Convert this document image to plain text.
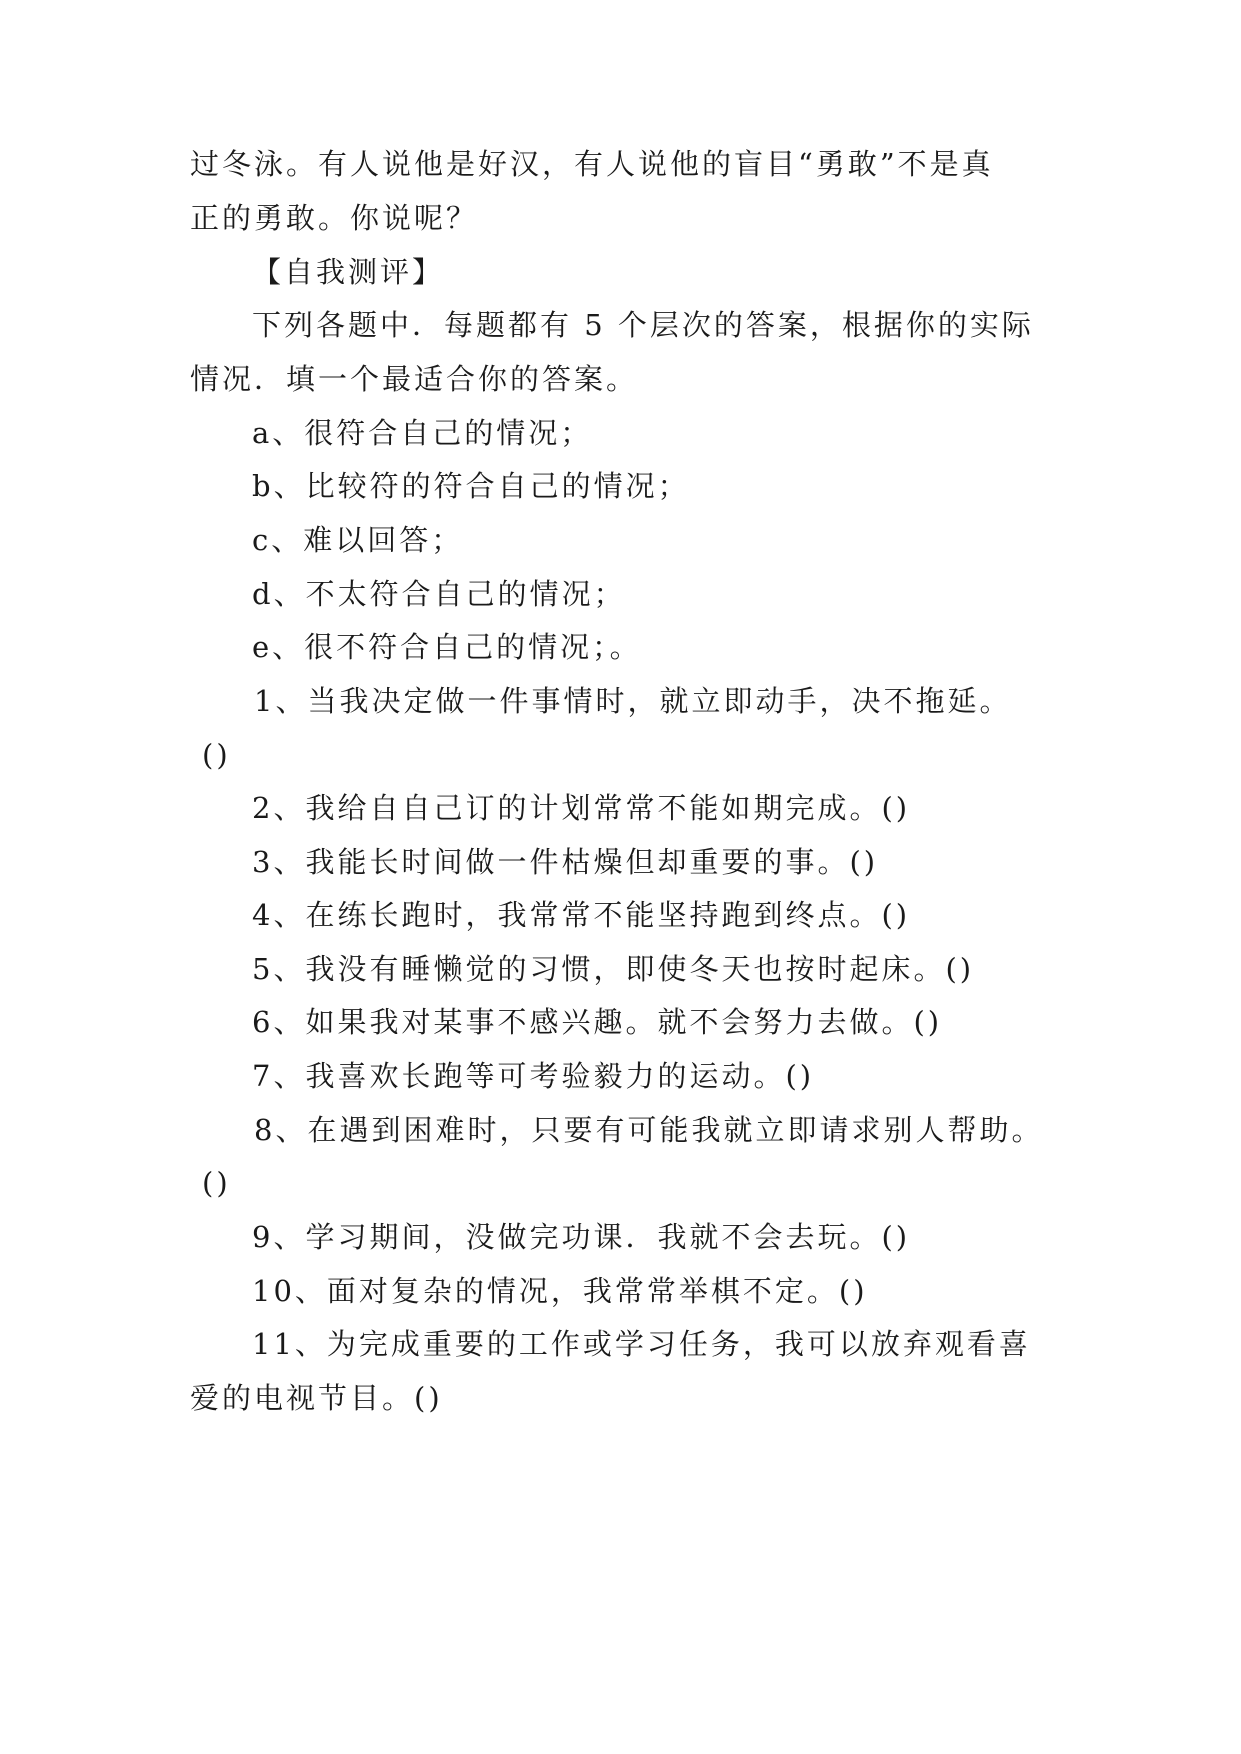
过冬泳。有人说他是好汉，有人说他的盲目“勇敢”不是真
正的勇敢。你说呢？
【自我测评】
下列各题中．每题都有 5 个层次的答案，根据你的实际
情况．填一个最适合你的答案。
a、很符合自己的情况；
b、比较符的符合自己的情况；
c、难以回答；
d、不太符合自己的情况；
e、很不符合自己的情况；。
1、当我决定做一件事情时，就立即动手，决不拖延。
()
2、我给自自己订的计划常常不能如期完成。()
3、我能长时间做一件枯燥但却重要的事。()
4、在练长跑时，我常常不能坚持跑到终点。()
5、我没有睡懒觉的习惯，即使冬天也按时起床。()
6、如果我对某事不感兴趣。就不会努力去做。()
7、我喜欢长跑等可考验毅力的运动。()
8、在遇到困难时，只要有可能我就立即请求别人帮助。
()
9、学习期间，没做完功课．我就不会去玩。()
10、面对复杂的情况，我常常举棋不定。()
11、为完成重要的工作或学习任务，我可以放弃观看喜
爱的电视节目。()
